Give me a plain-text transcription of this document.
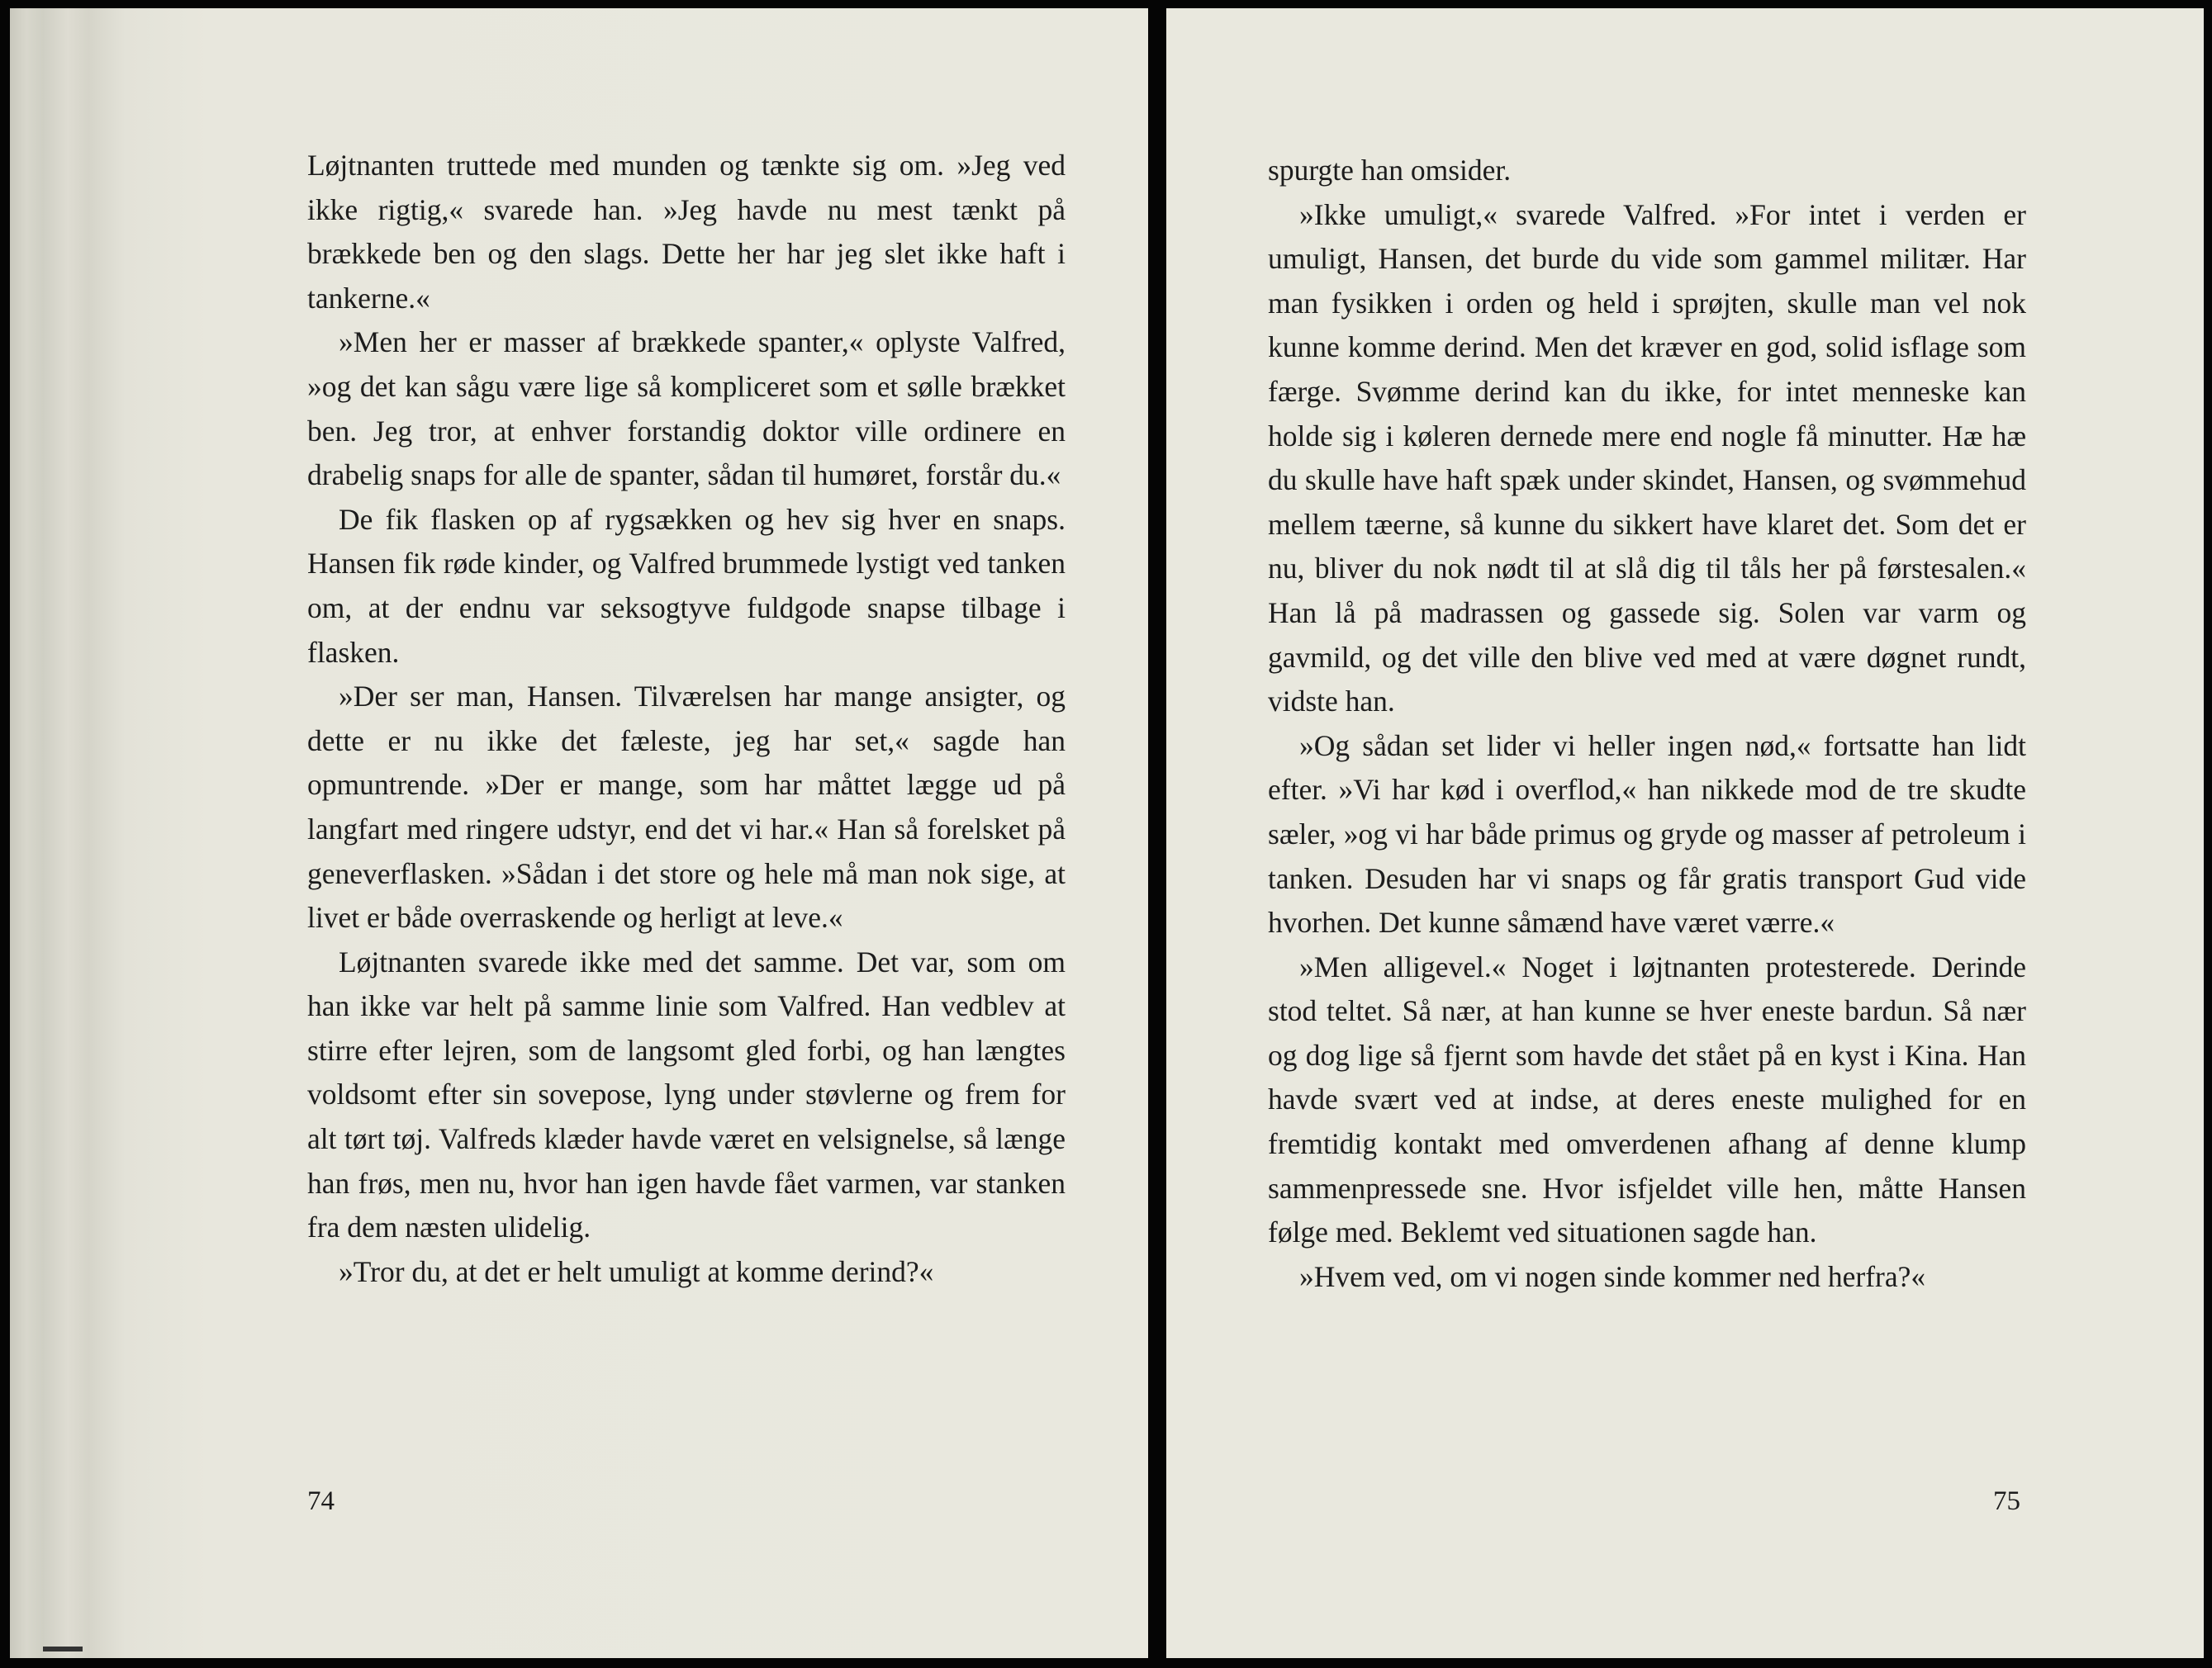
Løjtnanten truttede med munden og tænkte sig om. »Jeg ved ikke rigtig,« svarede han. »Jeg havde nu mest tænkt på brækkede ben og den slags. Dette her har jeg slet ikke haft i tankerne.«

»Men her er masser af brækkede spanter,« oplyste Valfred, »og det kan sågu være lige så kompliceret som et sølle brækket ben. Jeg tror, at enhver forstandig doktor ville ordinere en drabelig snaps for alle de spanter, sådan til humøret, forstår du.«

De fik flasken op af rygsækken og hev sig hver en snaps. Hansen fik røde kinder, og Valfred brummede lystigt ved tanken om, at der endnu var seksogtyve fuldgode snapse tilbage i flasken.

»Der ser man, Hansen. Tilværelsen har mange ansigter, og dette er nu ikke det fæleste, jeg har set,« sagde han opmuntrende. »Der er mange, som har måttet lægge ud på langfart med ringere udstyr, end det vi har.« Han så forelsket på geneverflasken. »Sådan i det store og hele må man nok sige, at livet er både overraskende og herligt at leve.«

Løjtnanten svarede ikke med det samme. Det var, som om han ikke var helt på samme linie som Valfred. Han vedblev at stirre efter lejren, som de langsomt gled forbi, og han længtes voldsomt efter sin sovepose, lyng under støvlerne og frem for alt tørt tøj. Valfreds klæder havde været en velsignelse, så længe han frøs, men nu, hvor han igen havde fået varmen, var stanken fra dem næsten ulidelig.

»Tror du, at det er helt umuligt at komme derind?«

74

spurgte han omsider.

»Ikke umuligt,« svarede Valfred. »For intet i verden er umuligt, Hansen, det burde du vide som gammel militær. Har man fysikken i orden og held i sprøjten, skulle man vel nok kunne komme derind. Men det kræver en god, solid isflage som færge. Svømme derind kan du ikke, for intet menneske kan holde sig i køleren dernede mere end nogle få minutter. Hæ hæ du skulle have haft spæk under skindet, Hansen, og svømmehud mellem tæerne, så kunne du sikkert have klaret det. Som det er nu, bliver du nok nødt til at slå dig til tåls her på førstesalen.« Han lå på madrassen og gassede sig. Solen var varm og gavmild, og det ville den blive ved med at være døgnet rundt, vidste han.

»Og sådan set lider vi heller ingen nød,« fortsatte han lidt efter. »Vi har kød i overflod,« han nikkede mod de tre skudte sæler, »og vi har både primus og gryde og masser af petroleum i tanken. Desuden har vi snaps og får gratis transport Gud vide hvorhen. Det kunne såmænd have været værre.«

»Men alligevel.« Noget i løjtnanten protesterede. Derinde stod teltet. Så nær, at han kunne se hver eneste bardun. Så nær og dog lige så fjernt som havde det stået på en kyst i Kina. Han havde svært ved at indse, at deres eneste mulighed for en fremtidig kontakt med omverdenen afhang af denne klump sammenpressede sne. Hvor isfjeldet ville hen, måtte Hansen følge med. Beklemt ved situationen sagde han.

»Hvem ved, om vi nogen sinde kommer ned herfra?«

75
